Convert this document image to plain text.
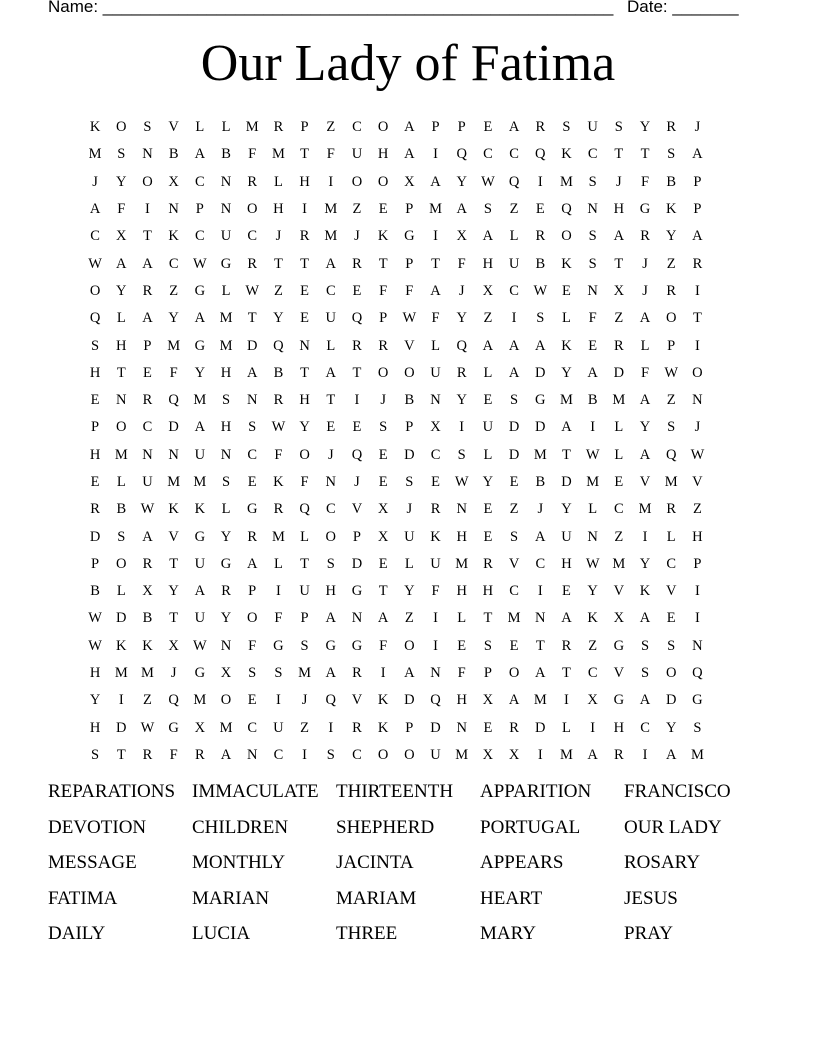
Name: ______________________________________________________ Date: _______
Our Lady of Fatima
K	O	S	V	L	L	M	R	P	Z	C	O	A	P	P	E	A	R	S	U	S	Y	R	J
M	S	N	B	A	B	F	M	T	F	U	H	A	I	Q	C	C	Q	K	C	T	T	S	A
J	Y	O	X	C	N	R	L	H	I	O	O	X	A	Y W Q	I	M	S	J	F	B	P
A	F	I	N	P	N	O	H	I	M	Z	E	P	M A	S	Z	E	Q	N	H	G	K	P
C	X	T	K	C	U	C	J	R	M	J	K	G	I	X	A	L	R	O	S	A	R	Y	A
W A	A	C	W G	R	T	T	A	R	T	P	T	F	H	U	B	K	S	T	J	Z	R
O	Y	R	Z	G	L	W	Z	E	C	E	F	F	A	J	X	C	W	E	N	X	J	R	I
Q	L	A	Y	A	M	T	Y	E	U	Q	P	W	F	Y	Z	I	S	L	F	Z	A	O	T
S	H	P	M G	M D	Q	N	L	R	R	V	L	Q	A	A	A	K	E	R	L	P	I
H	T	E	F	Y	H	A	B	T	A	T	O	O	U	R	L	A	D	Y	A	D	F	W O
E	N	R	Q	M	S	N	R	H	T	I	J	B	N	Y	E	S	G	M	B	M A	Z	N
P	O	C	D	A	H	S	W Y	E	E	S	P	X	I	U	D	D	A	I	L	Y	S	J
H	M N	N	U	N	C	F	O	J	Q	E	D	C	S	L	D	M	T	W	L	A	Q W
E	L	U	M M	S	E	K	F	N	J	E	S	E	W Y	E	B	D	M	E	V	M V
R	B	W K	K	L	G	R	Q	C	V	X	J	R	N	E	Z	J	Y	L	C	M	R	Z
D	S	A	V	G	Y	R	M	L	O	P	X	U	K	H	E	S	A	U	N	Z	I	L	H
P	O	R	T	U	G	A	L	T	S	D	E	L	U	M	R	V	C	H W M Y	C	P
B	L	X	Y	A	R	P	I	U	H	G	T	Y	F	H	H	C	I	E	Y	V	K	V	I
W D	B	T	U	Y	O	F	P	A	N	A	Z	I	L	T	M N	A	K	X	A	E	I
W K	K	X W N	F	G	S	G	G	F	O	I	E	S	E	T	R	Z	G	S	S	N
H	M M	J	G	X	S	S	M A	R	I	A	N	F	P	O	A	T	C	V	S	O	Q
Y	I	Z	Q	M O	E	I	J	Q	V	K	D	Q	H	X	A	M	I	X	G	A	D	G
H	D W G	X	M	C	U	Z	I	R	K	P	D	N	E	R	D	L	I	H	C	Y	S
S	T	R	F	R	A	N	C	I	S	C	O	O	U	M X	X	I	M A	R	I	A	M
REPARATIONS IMMACULATE THIRTEENTH	APPARITION	FRANCISCO
DEVOTION	CHILDREN	SHEPHERD	PORTUGAL	OUR LADY
MESSAGE	MONTHLY	JACINTA	APPEARS	ROSARY
FATIMA	MARIAN	MARIAM	HEART	JESUS
DAILY	LUCIA	THREE	MARY	PRAY
